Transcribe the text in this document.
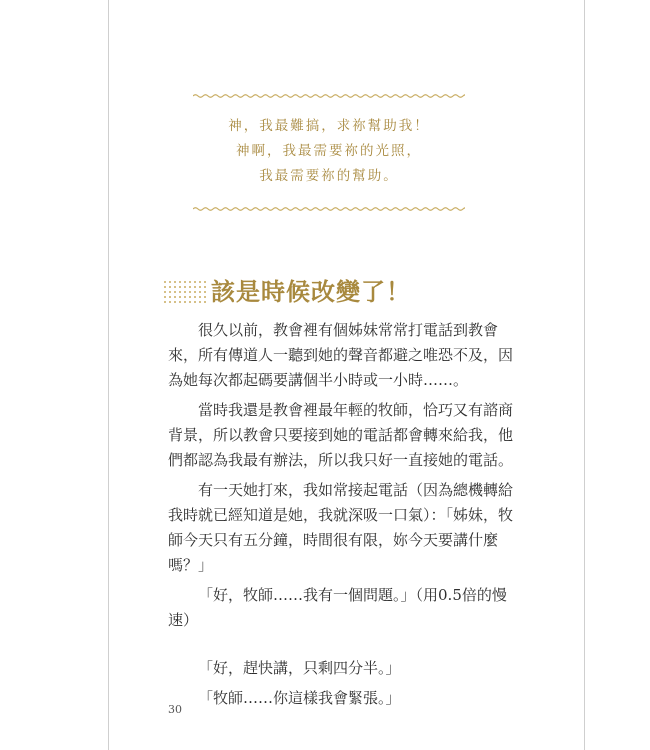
神，我最難搞，求祢幫助我！
神啊，我最需要祢的光照，
我最需要祢的幫助。
該是時候改變了！

很久以前，教會裡有個姊妹常常打電話到教會來，所有傳道人一聽到她的聲音都避之唯恐不及，因為她每次都起碼要講個半小時或一小時……。

當時我還是教會裡最年輕的牧師，恰巧又有諮商背景，所以教會只要接到她的電話都會轉來給我，他們都認為我最有辦法，所以我只好一直接她的電話。

有一天她打來，我如常接起電話（因為總機轉給我時就已經知道是她，我就深吸一口氣）：「姊妹，牧師今天只有五分鐘，時間很有限，妳今天要講什麼嗎？」

「好，牧師……我有一個問題。」（用0.5倍的慢速）

「好，趕快講，只剩四分半。」

「牧師……你這樣我會緊張。」

30
